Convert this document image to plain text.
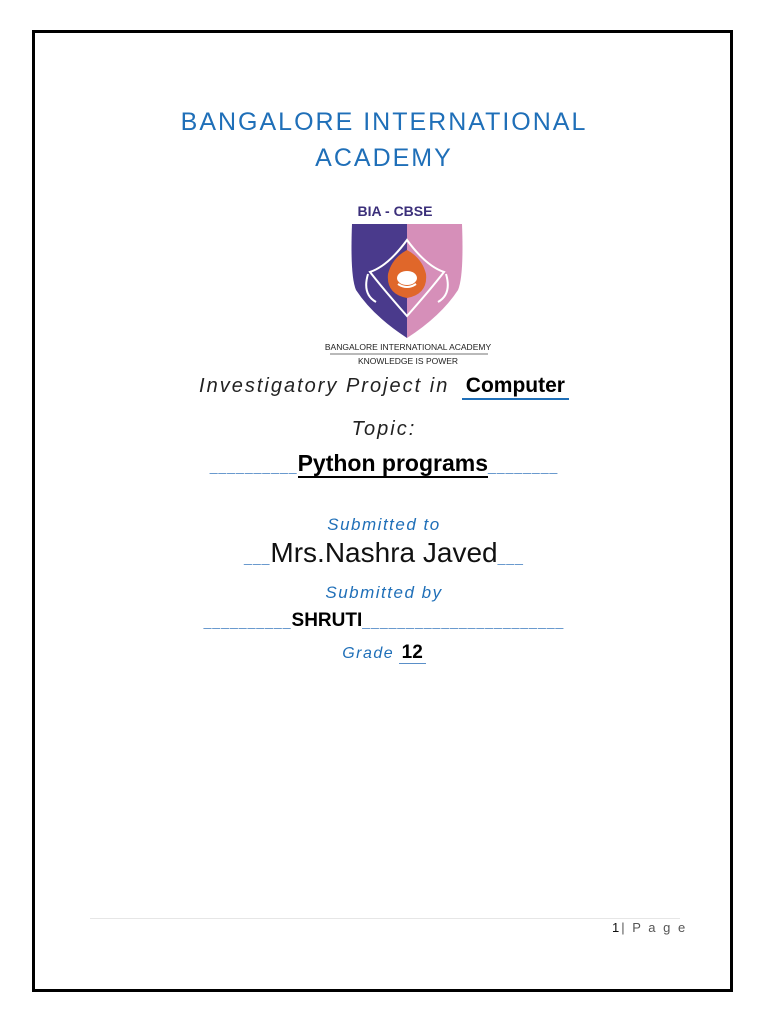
BANGALORE INTERNATIONAL
ACADEMY
BIA - CBSE
BANGALORE INTERNATIONAL ACADEMY
KNOWLEDGE IS POWER
Investigatory Project in Computer
Topic:
__________Python programs________
Submitted to
___Mrs.Nashra Javed___
Submitted by
__________SHRUTI_______________________
Grade 12
1| P a g e
